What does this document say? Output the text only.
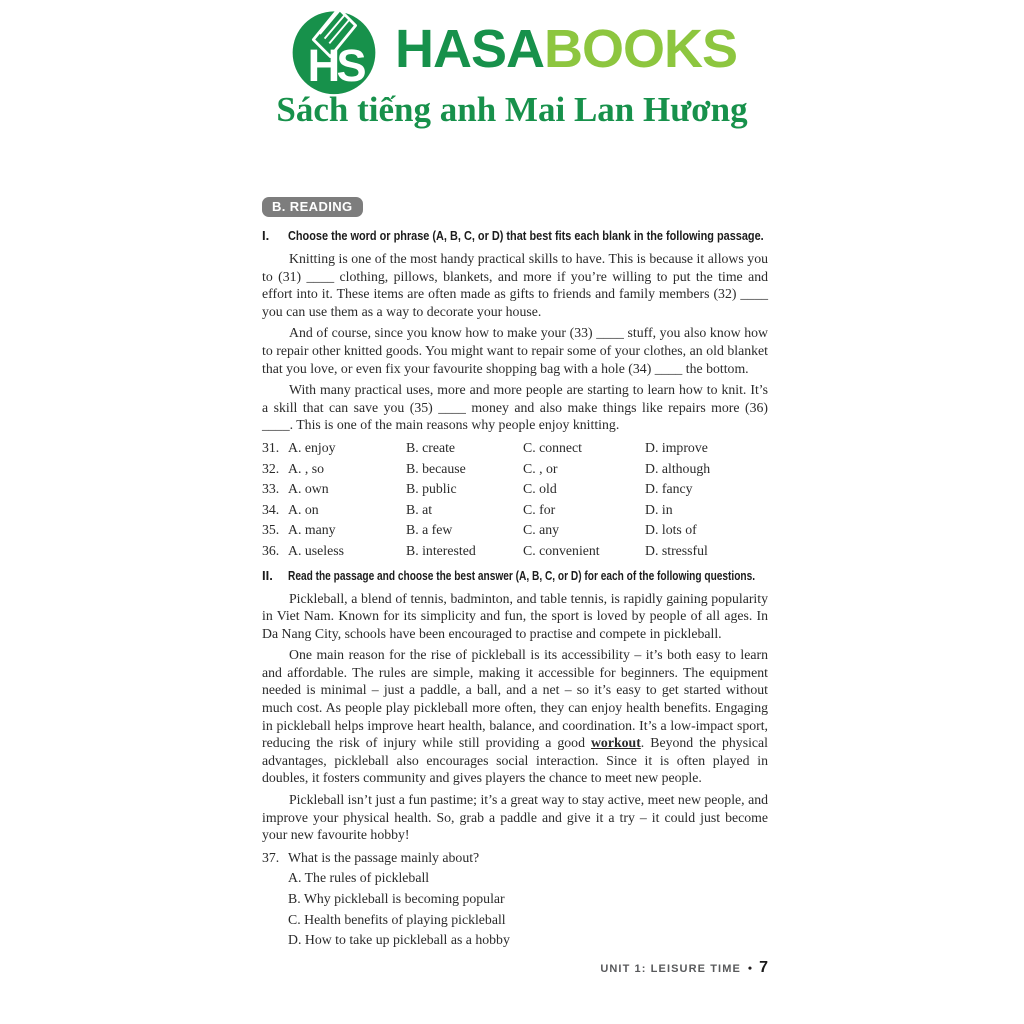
HS HASABOOKS
Sách tiếng anh Mai Lan Hương
B. READING
I.	Choose the word or phrase (A, B, C, or D) that best fits each blank in the following passage.

Knitting is one of the most handy practical skills to have. This is because it allows you to (31) ____ clothing, pillows, blankets, and more if you’re willing to put the time and effort into it. These items are often made as gifts to friends and family members (32) ____ you can use them as a way to decorate your house.

And of course, since you know how to make your (33) ____ stuff, you also know how to repair other knitted goods. You might want to repair some of your clothes, an old blanket that you love, or even fix your favourite shopping bag with a hole (34) ____ the bottom.

With many practical uses, more and more people are starting to learn how to knit. It’s a skill that can save you (35) ____ money and also make things like repairs more (36) ____. This is one of the main reasons why people enjoy knitting.

31. A. enjoy	B. create	C. connect	D. improve
32. A. , so	B. because	C. , or	D. although
33. A. own	B. public	C. old	D. fancy
34. A. on	B. at	C. for	D. in
35. A. many	B. a few	C. any	D. lots of
36. A. useless	B. interested	C. convenient	D. stressful
II.	Read the passage and choose the best answer (A, B, C, or D) for each of the following questions.

Pickleball, a blend of tennis, badminton, and table tennis, is rapidly gaining popularity in Viet Nam. Known for its simplicity and fun, the sport is loved by people of all ages. In Da Nang City, schools have been encouraged to practise and compete in pickleball.

One main reason for the rise of pickleball is its accessibility – it’s both easy to learn and affordable. The rules are simple, making it accessible for beginners. The equipment needed is minimal – just a paddle, a ball, and a net – so it’s easy to get started without much cost. As people play pickleball more often, they can enjoy health benefits. Engaging in pickleball helps improve heart health, balance, and coordination. It’s a low-impact sport, reducing the risk of injury while still providing a good workout. Beyond the physical advantages, pickleball also encourages social interaction. Since it is often played in doubles, it fosters community and gives players the chance to meet new people.

Pickleball isn’t just a fun pastime; it’s a great way to stay active, meet new people, and improve your physical health. So, grab a paddle and give it a try – it could just become your new favourite hobby!

37. What is the passage mainly about?
A. The rules of pickleball
B. Why pickleball is becoming popular
C. Health benefits of playing pickleball
D. How to take up pickleball as a hobby
UNIT 1: LEISURE TIME • 7
